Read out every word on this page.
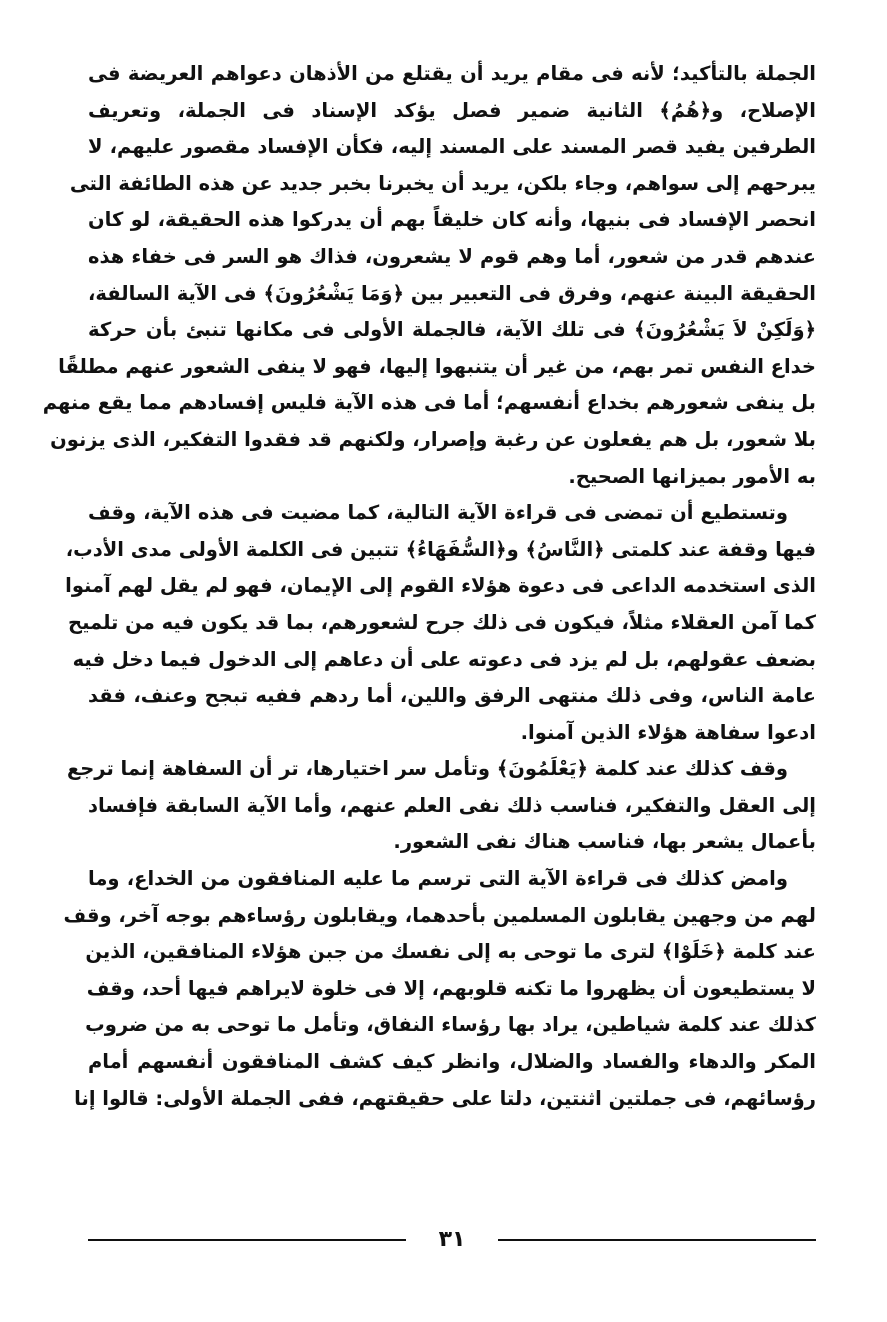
الجملة بالتأكيد؛ لأنه فى مقام يريد أن يقتلع من الأذهان دعواهم العريضة فى
الإصلاح، و﴿هُمُ﴾ الثانية ضمير فصل يؤكد الإسناد فى الجملة، وتعريف
الطرفين يفيد قصر المسند على المسند إليه، فكأن الإفساد مقصور عليهم، لا
يبرحهم إلى سواهم، وجاء بلكن، يريد أن يخبرنا بخبر جديد عن هذه الطائفة التى
انحصر الإفساد فى بنيها، وأنه كان خليقاً بهم أن يدركوا هذه الحقيقة، لو كان
عندهم قدر من شعور، أما وهم قوم لا يشعرون، فذاك هو السر فى خفاء هذه
الحقيقة البينة عنهم، وفرق فى التعبير بين ﴿وَمَا يَشْعُرُونَ﴾ فى الآية السالفة،
﴿وَلَكِنْ لاَ يَشْعُرُونَ﴾ فى تلك الآية، فالجملة الأولى فى مكانها تنبئ بأن حركة
خداع النفس تمر بهم، من غير أن يتنبهوا إليها، فهو لا ينفى الشعور عنهم مطلقًا
بل ينفى شعورهم بخداع أنفسهم؛ أما فى هذه الآية فليس إفسادهم مما يقع منهم
بلا شعور، بل هم يفعلون عن رغبة وإصرار، ولكنهم قد فقدوا التفكير، الذى يزنون
به الأمور بميزانها الصحيح.
وتستطيع أن تمضى فى قراءة الآية التالية، كما مضيت فى هذه الآية، وقف
فيها وقفة عند كلمتى ﴿النَّاسُ﴾ و﴿السُّفَهَاءُ﴾ تتبين فى الكلمة الأولى مدى الأدب،
الذى استخدمه الداعى فى دعوة هؤلاء القوم إلى الإيمان، فهو لم يقل لهم آمنوا
كما آمن العقلاء مثلاً، فيكون فى ذلك جرح لشعورهم، بما قد يكون فيه من تلميح
بضعف عقولهم، بل لم يزد فى دعوته على أن دعاهم إلى الدخول فيما دخل فيه
عامة الناس، وفى ذلك منتهى الرفق واللين، أما ردهم ففيه تبجح وعنف، فقد
ادعوا سفاهة هؤلاء الذين آمنوا.
وقف كذلك عند كلمة ﴿يَعْلَمُونَ﴾ وتأمل سر اختيارها، تر أن السفاهة إنما ترجع
إلى العقل والتفكير، فناسب ذلك نفى العلم عنهم، وأما الآية السابقة فإفساد
بأعمال يشعر بها، فناسب هناك نفى الشعور.
وامض كذلك فى قراءة الآية التى ترسم ما عليه المنافقون من الخداع، وما
لهم من وجهين يقابلون المسلمين بأحدهما، ويقابلون رؤساءهم بوجه آخر، وقف
عند كلمة ﴿خَلَوْا﴾ لترى ما توحى به إلى نفسك من جبن هؤلاء المنافقين، الذين
لا يستطيعون أن يظهروا ما تكنه قلوبهم، إلا فى خلوة لايراهم فيها أحد، وقف
كذلك عند كلمة شياطين، يراد بها رؤساء النفاق، وتأمل ما توحى به من ضروب
المكر والدهاء والفساد والضلال، وانظر كيف كشف المنافقون أنفسهم أمام
رؤسائهم، فى جملتين اثنتين، دلتا على حقيقتهم، ففى الجملة الأولى: قالوا إنا
٣١
